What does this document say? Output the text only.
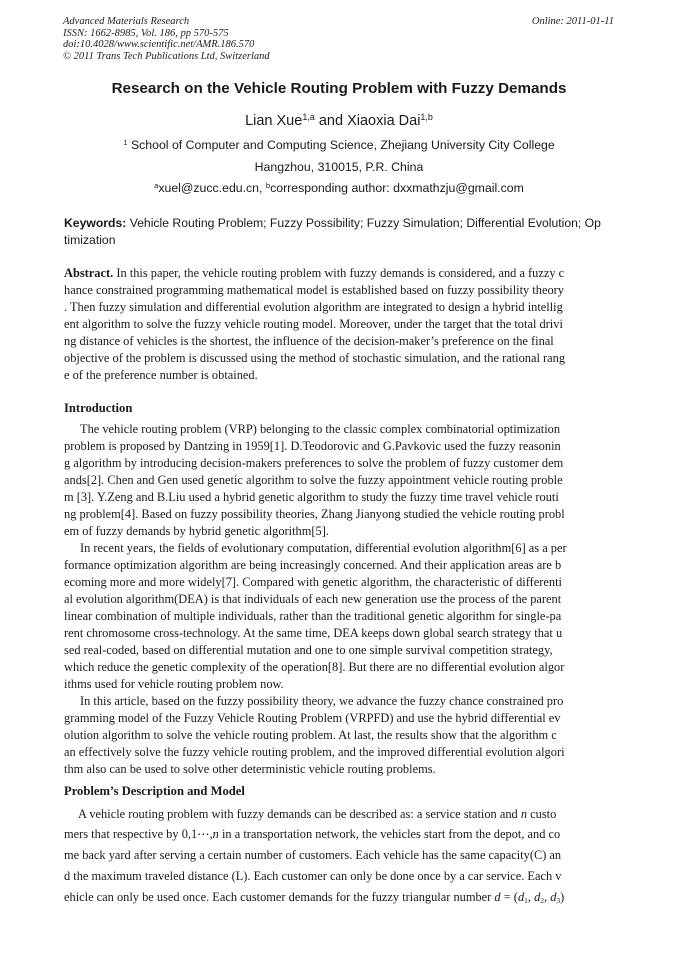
Advanced Materials Research
ISSN: 1662-8985, Vol. 186, pp 570-575
doi:10.4028/www.scientific.net/AMR.186.570
© 2011 Trans Tech Publications Ltd, Switzerland
Online: 2011-01-11
Research on the Vehicle Routing Problem with Fuzzy Demands
Lian Xue$^{1,a}$ and Xiaoxia Dai$^{1,b}$
$^1$ School of Computer and Computing Science, Zhejiang University City College
Hangzhou, 310015, P.R. China
$^a$xuel@zucc.edu.cn, $^b$corresponding author: dxxmathzju@gmail.com
Keywords: Vehicle Routing Problem; Fuzzy Possibility; Fuzzy Simulation; Differential Evolution; Op
timization
Abstract. In this paper, the vehicle routing problem with fuzzy demands is considered, and a fuzzy c
hance constrained programming mathematical model is established based on fuzzy possibility theory
. Then fuzzy simulation and differential evolution algorithm are integrated to design a hybrid intellig
ent algorithm to solve the fuzzy vehicle routing model. Moreover, under the target that the total drivi
ng distance of vehicles is the shortest, the influence of the decision-maker’s preference on the final
objective of the problem is discussed using the method of stochastic simulation, and the rational rang
e of the preference number is obtained.
Introduction
The vehicle routing problem (VRP) belonging to the classic complex combinatorial optimization
problem is proposed by Dantzing in 1959[1]. D.Teodorovic and G.Pavkovic used the fuzzy reasonin
g algorithm by introducing decision-makers preferences to solve the problem of fuzzy customer dem
ands[2]. Chen and Gen used genetic algorithm to solve the fuzzy appointment vehicle routing proble
m [3]. Y.Zeng and B.Liu used a hybrid genetic algorithm to study the fuzzy time travel vehicle routi
ng problem[4]. Based on fuzzy possibility theories, Zhang Jianyong studied the vehicle routing probl
em of fuzzy demands by hybrid genetic algorithm[5].
In recent years, the fields of evolutionary computation, differential evolution algorithm[6] as a per
formance optimization algorithm are being increasingly concerned. And their application areas are b
ecoming more and more widely[7]. Compared with genetic algorithm, the characteristic of differenti
al evolution algorithm(DEA) is that individuals of each new generation use the process of the parent
linear combination of multiple individuals, rather than the traditional genetic algorithm for single-pa
rent chromosome cross-technology. At the same time, DEA keeps down global search strategy that u
sed real-coded, based on differential mutation and one to one simple survival competition strategy,
which reduce the genetic complexity of the operation[8]. But there are no differential evolution algor
ithms used for vehicle routing problem now.
In this article, based on the fuzzy possibility theory, we advance the fuzzy chance constrained pro
gramming model of the Fuzzy Vehicle Routing Problem (VRPFD) and use the hybrid differential ev
olution algorithm to solve the vehicle routing problem. At last, the results show that the algorithm c
an effectively solve the fuzzy vehicle routing problem, and the improved differential evolution algori
thm also can be used to solve other deterministic vehicle routing problems.
Problem’s Description and Model
A vehicle routing problem with fuzzy demands can be described as: a service station and n custo
mers that respective by 0,1⋯,n in a transportation network, the vehicles start from the depot, and co
me back yard after serving a certain number of customers. Each vehicle has the same capacity(C) an
d the maximum traveled distance (L). Each customer can only be done once by a car service. Each v
ehicle can only be used once. Each customer demands for the fuzzy triangular number $d = (d_1$, $d_2$, $d_3$)
